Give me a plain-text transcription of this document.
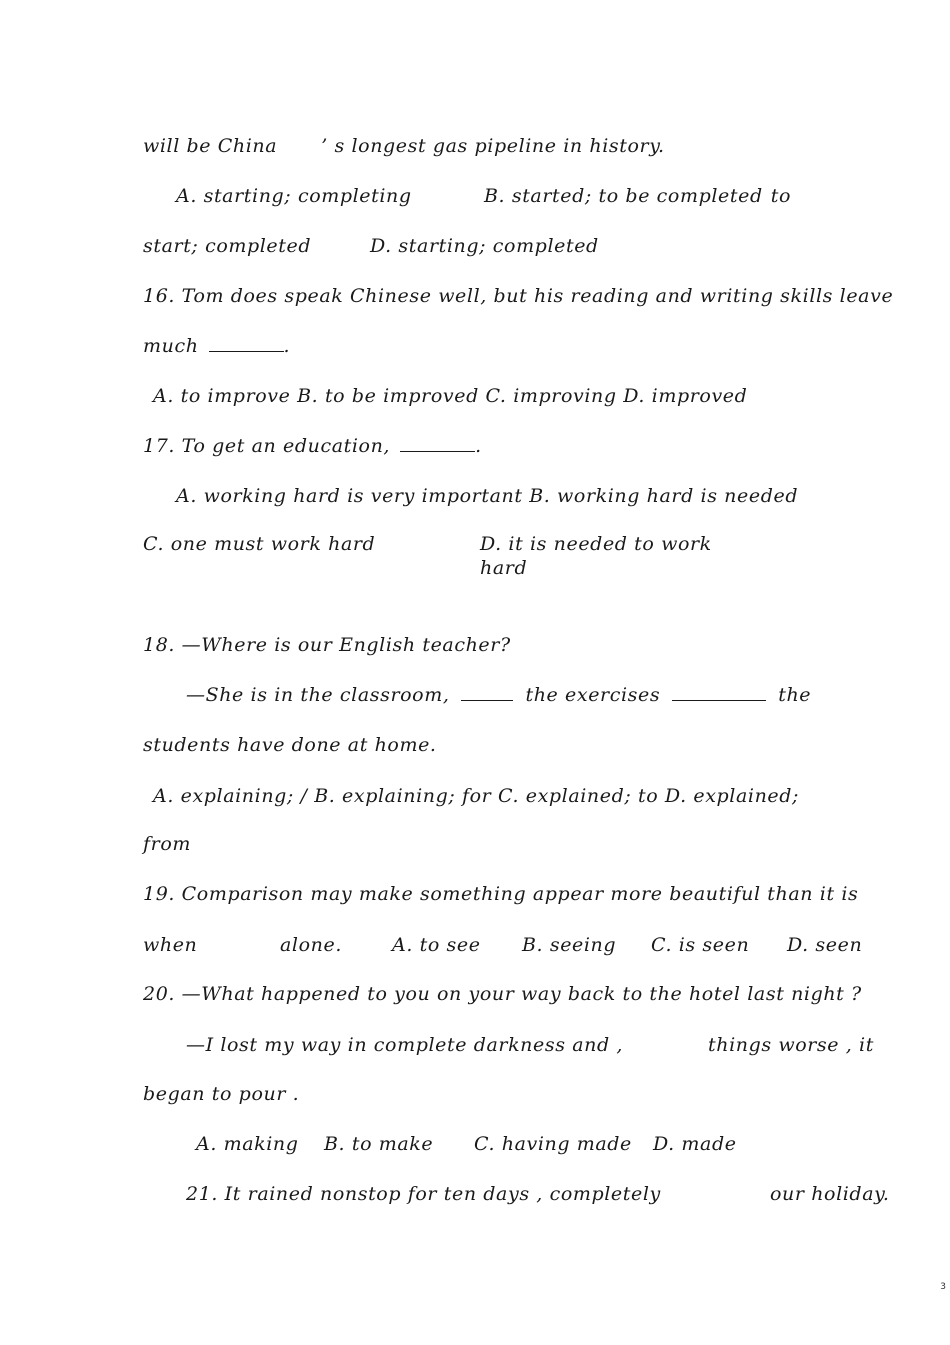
will be China ’ s longest gas pipeline in history.
A. starting; completing	B. started; to be completed to
start; completed	D. starting; completed
16. Tom does speak Chinese well, but his reading and writing skills leave
much	.
A. to improve B. to be improved C. improving D. improved
17. To get an education,	.
A. working hard is very important B. working hard is needed
C. one must work hard	D. it is needed to work
hard
18. —Where is our English teacher?
—She is in the classroom,	the exercises	the
students have done at home.
A. explaining; / B. explaining; for C. explained; to D. explained;
from
19. Comparison may make something appear more beautiful than it is
when	alone.	A. to see B. seeing C. is seen D. seen
20. —What happened to you on your way back to the hotel last night ?
—I lost my way in complete darkness and ,	things worse , it
began to pour .
A. making B. to make C. having made D. made
21. It rained nonstop for ten days , completely	our holiday.
3
